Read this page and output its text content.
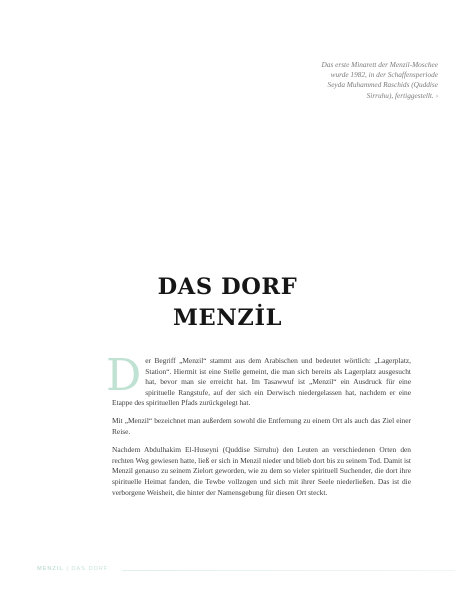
Das erste Minarett der Menzil-Moschee

wurde 1982, in der Schaffensperiode

Seyda Muhammed Raschids (Quddise

Sirruhu), fertiggestellt. ›

DAS DORF
MENZİL

Der Begriff „Menzil“ stammt aus dem Arabischen und bedeutet wörtlich: „Lagerplatz, Station“. Hiermit ist eine Stelle gemeint, die man sich bereits als Lagerplatz ausgesucht hat, bevor man sie erreicht hat. Im Tasawwuf ist „Menzil“ ein Ausdruck für eine spirituelle Rangstufe, auf der sich ein Derwisch niedergelassen hat, nachdem er eine Etappe des spirituellen Pfads zurückgelegt hat.

Mit „Menzil“ bezeichnet man außerdem sowohl die Entfernung zu einem Ort als auch das Ziel einer Reise.

Nachdem Abdulhakim El-Huseyni (Quddise Sirruhu) den Leuten an verschiedenen Orten den rechten Weg gewiesen hatte, ließ er sich in Menzil nieder und blieb dort bis zu seinem Tod. Damit ist Menzil genauso zu seinem Zielort geworden, wie zu dem so vieler spirituell Suchender, die dort ihre spirituelle Heimat fanden, die Tewbe vollzogen und sich mit ihrer Seele niederließen. Das ist die verborgene Weisheit, die hinter der Namensgebung für diesen Ort steckt.

MENZIL | DAS DORF
